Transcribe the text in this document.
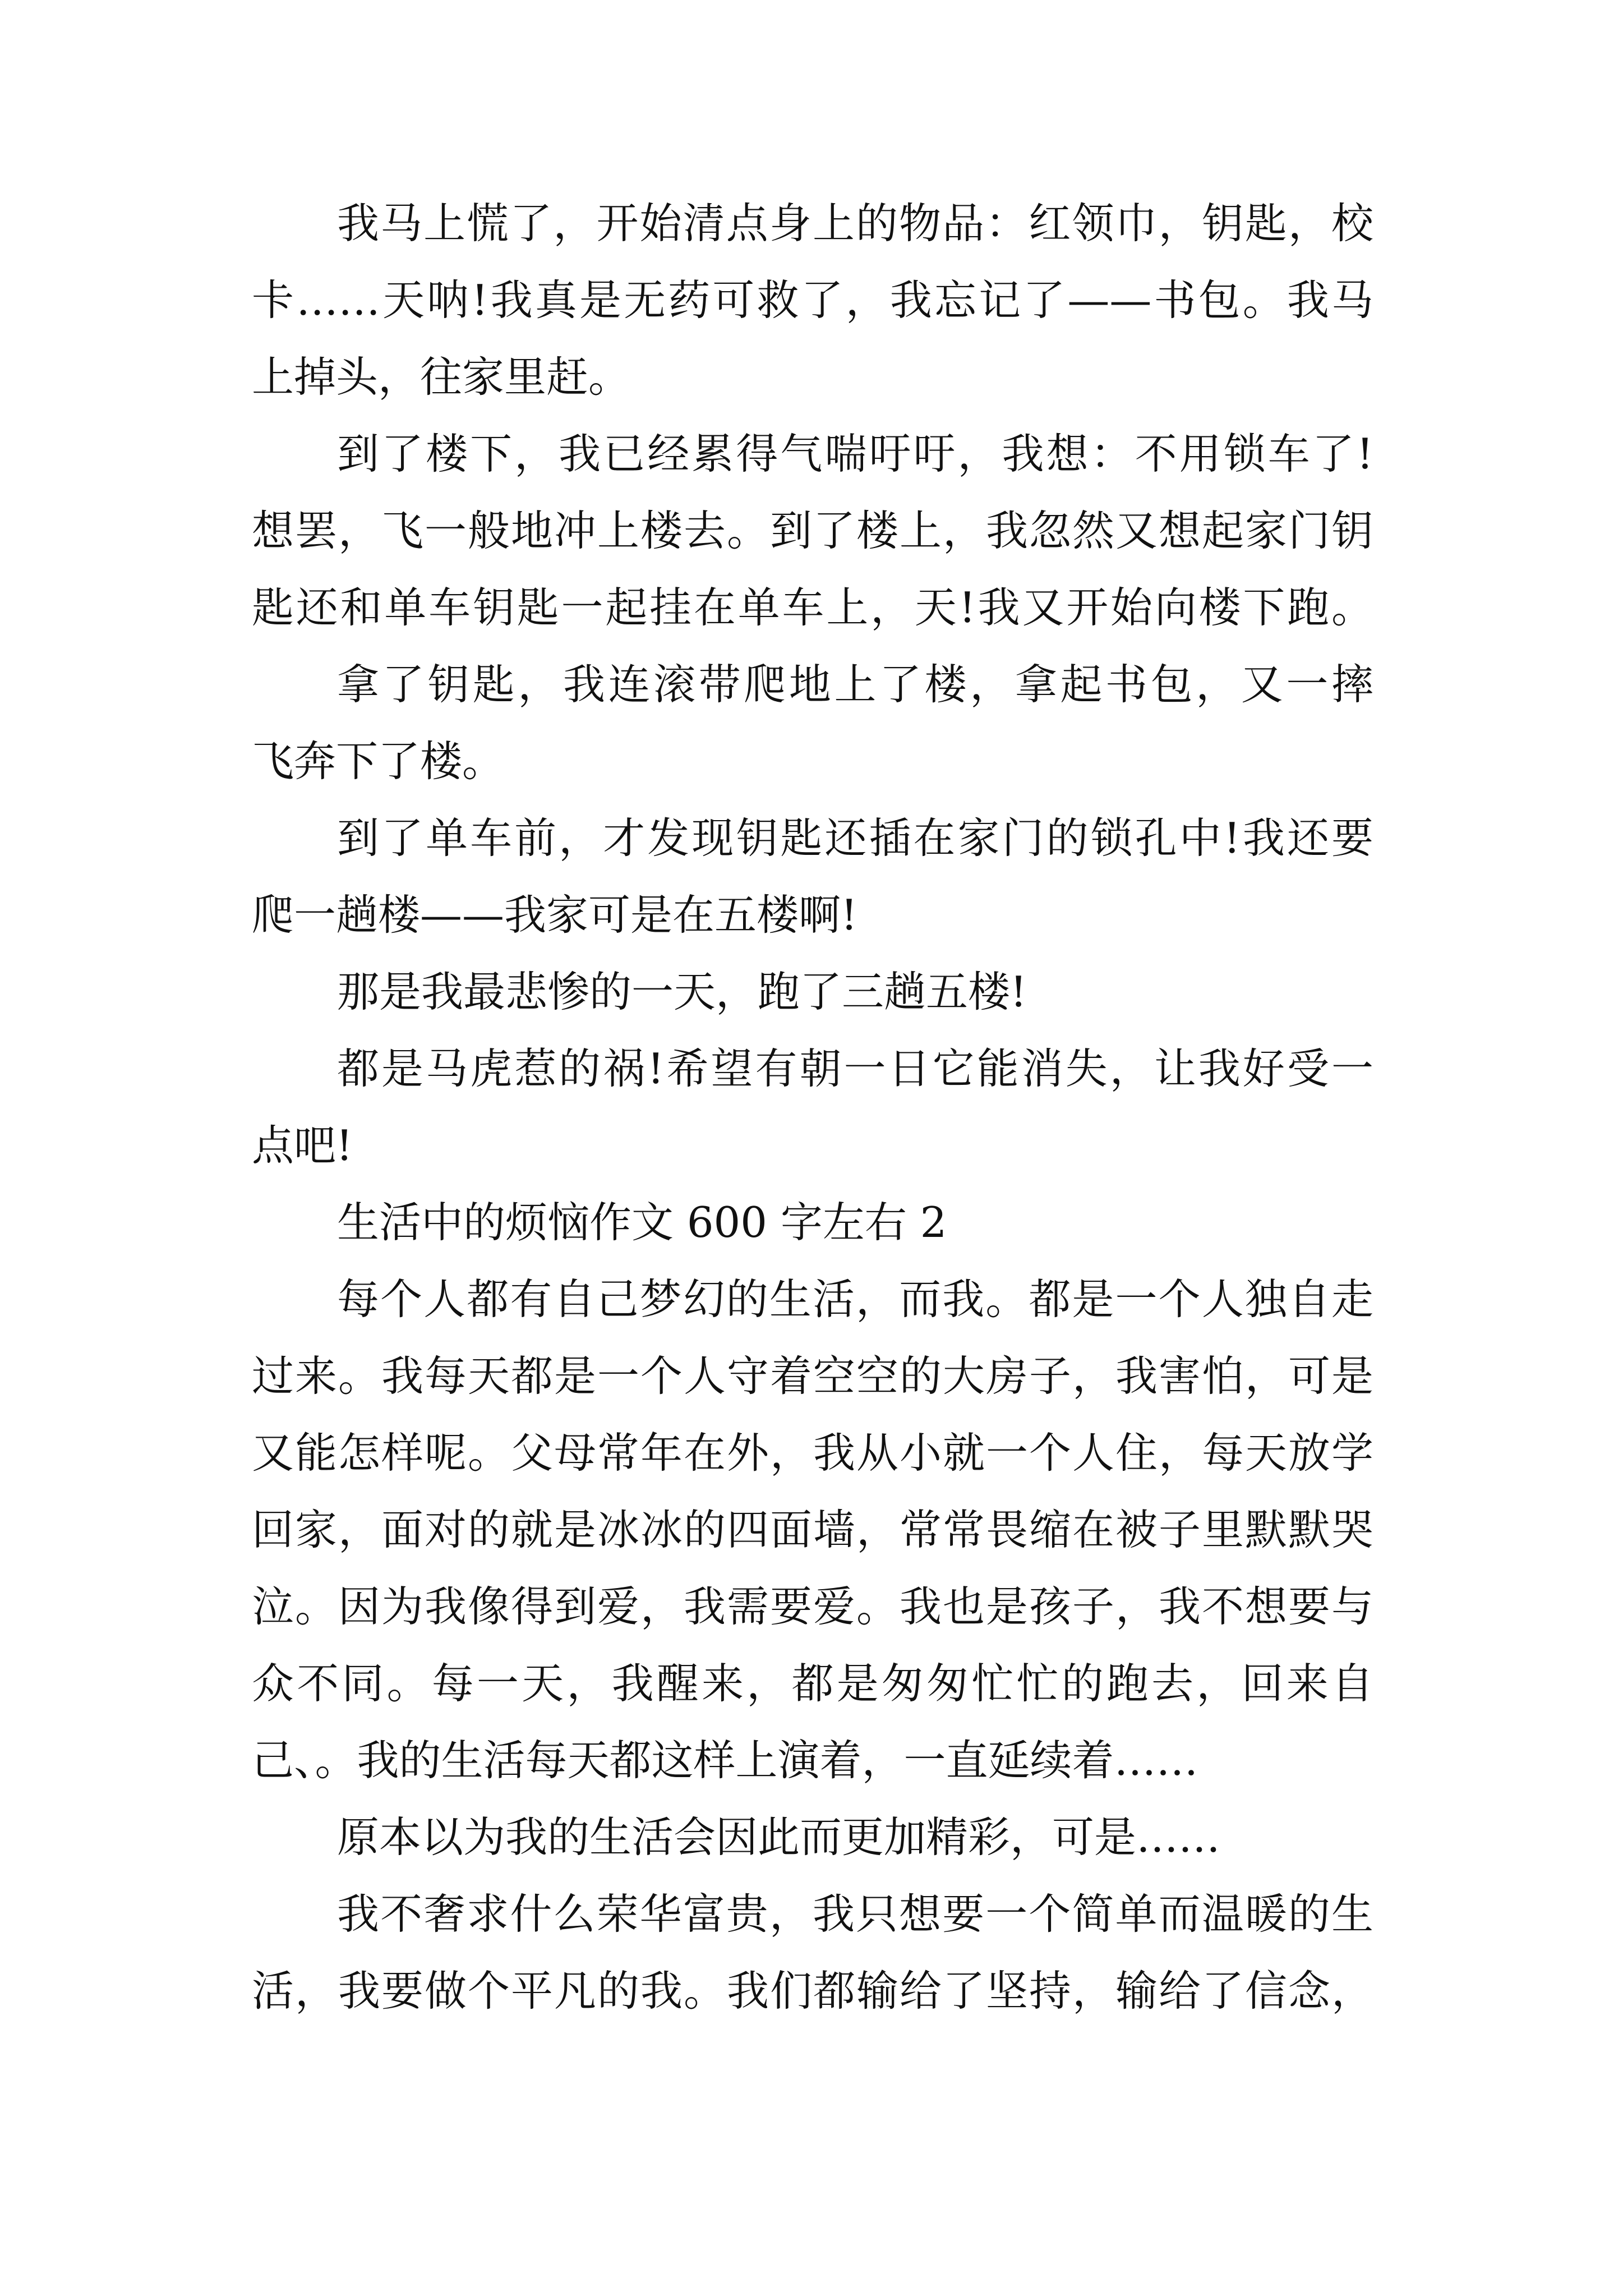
我马上慌了，开始清点身上的物品：红领巾，钥匙，校
卡……天呐!我真是无药可救了，我忘记了——书包。我马
上掉头，往家里赶。
到了楼下，我已经累得气喘吁吁，我想：不用锁车了!
想罢，飞一般地冲上楼去。到了楼上，我忽然又想起家门钥
匙还和单车钥匙一起挂在单车上，天!我又开始向楼下跑。
拿了钥匙，我连滚带爬地上了楼，拿起书包，又一摔
飞奔下了楼。
到了单车前，才发现钥匙还插在家门的锁孔中!我还要
爬一趟楼——我家可是在五楼啊!
那是我最悲惨的一天，跑了三趟五楼!
都是马虎惹的祸!希望有朝一日它能消失，让我好受一
点吧!
生活中的烦恼作文 600 字左右 2
每个人都有自己梦幻的生活，而我。都是一个人独自走
过来。我每天都是一个人守着空空的大房子，我害怕，可是
又能怎样呢。父母常年在外，我从小就一个人住，每天放学
回家，面对的就是冰冰的四面墙，常常畏缩在被子里默默哭
泣。因为我像得到爱，我需要爱。我也是孩子，我不想要与
众不同。每一天，我醒来，都是匆匆忙忙的跑去，回来自
己、。我的生活每天都这样上演着，一直延续着……
原本以为我的生活会因此而更加精彩，可是……
我不奢求什么荣华富贵，我只想要一个简单而温暖的生
活，我要做个平凡的我。我们都输给了坚持，输给了信念，
